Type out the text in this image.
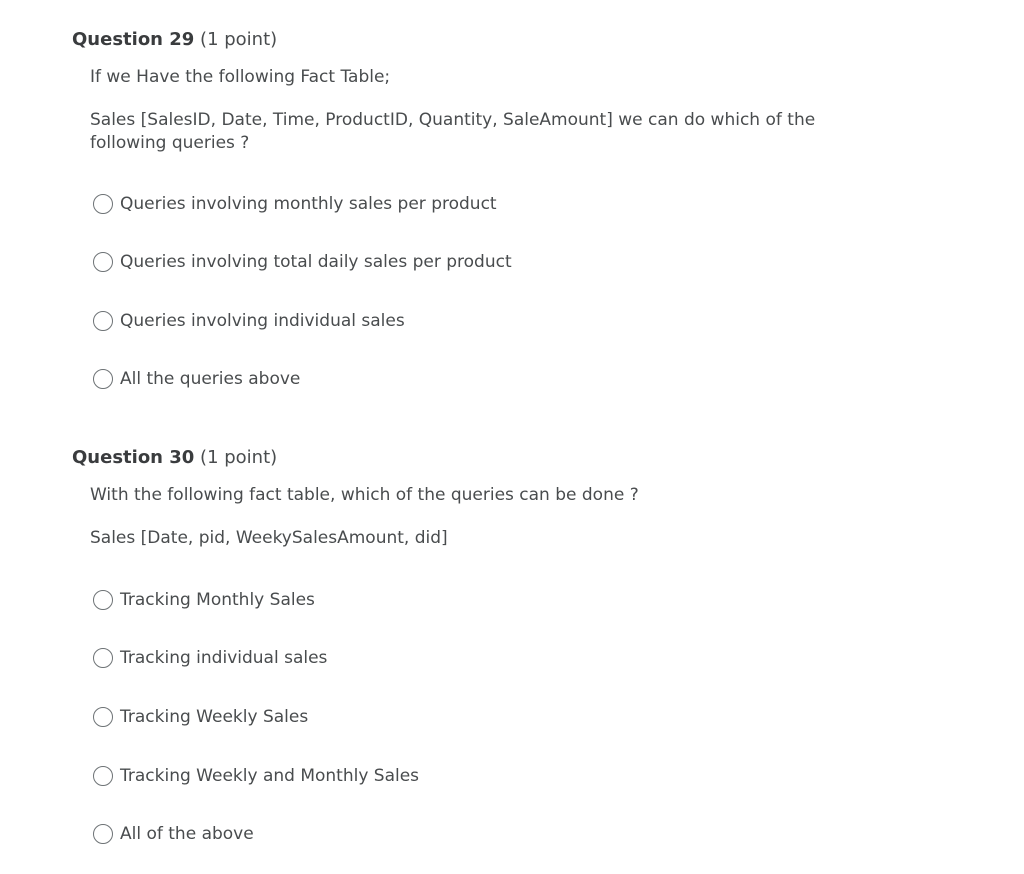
Question 29 (1 point)

If we Have the following Fact Table;

Sales [SalesID, Date, Time, ProductID, Quantity, SaleAmount] we can do which of the following queries ?

Queries involving monthly sales per product
Queries involving total daily sales per product
Queries involving individual sales
All the queries above
Question 30 (1 point)

With the following fact table, which of the queries can be done ?

Sales [Date, pid, WeekySalesAmount, did]

Tracking Monthly Sales
Tracking individual sales
Tracking Weekly Sales
Tracking Weekly and Monthly Sales
All of the above
